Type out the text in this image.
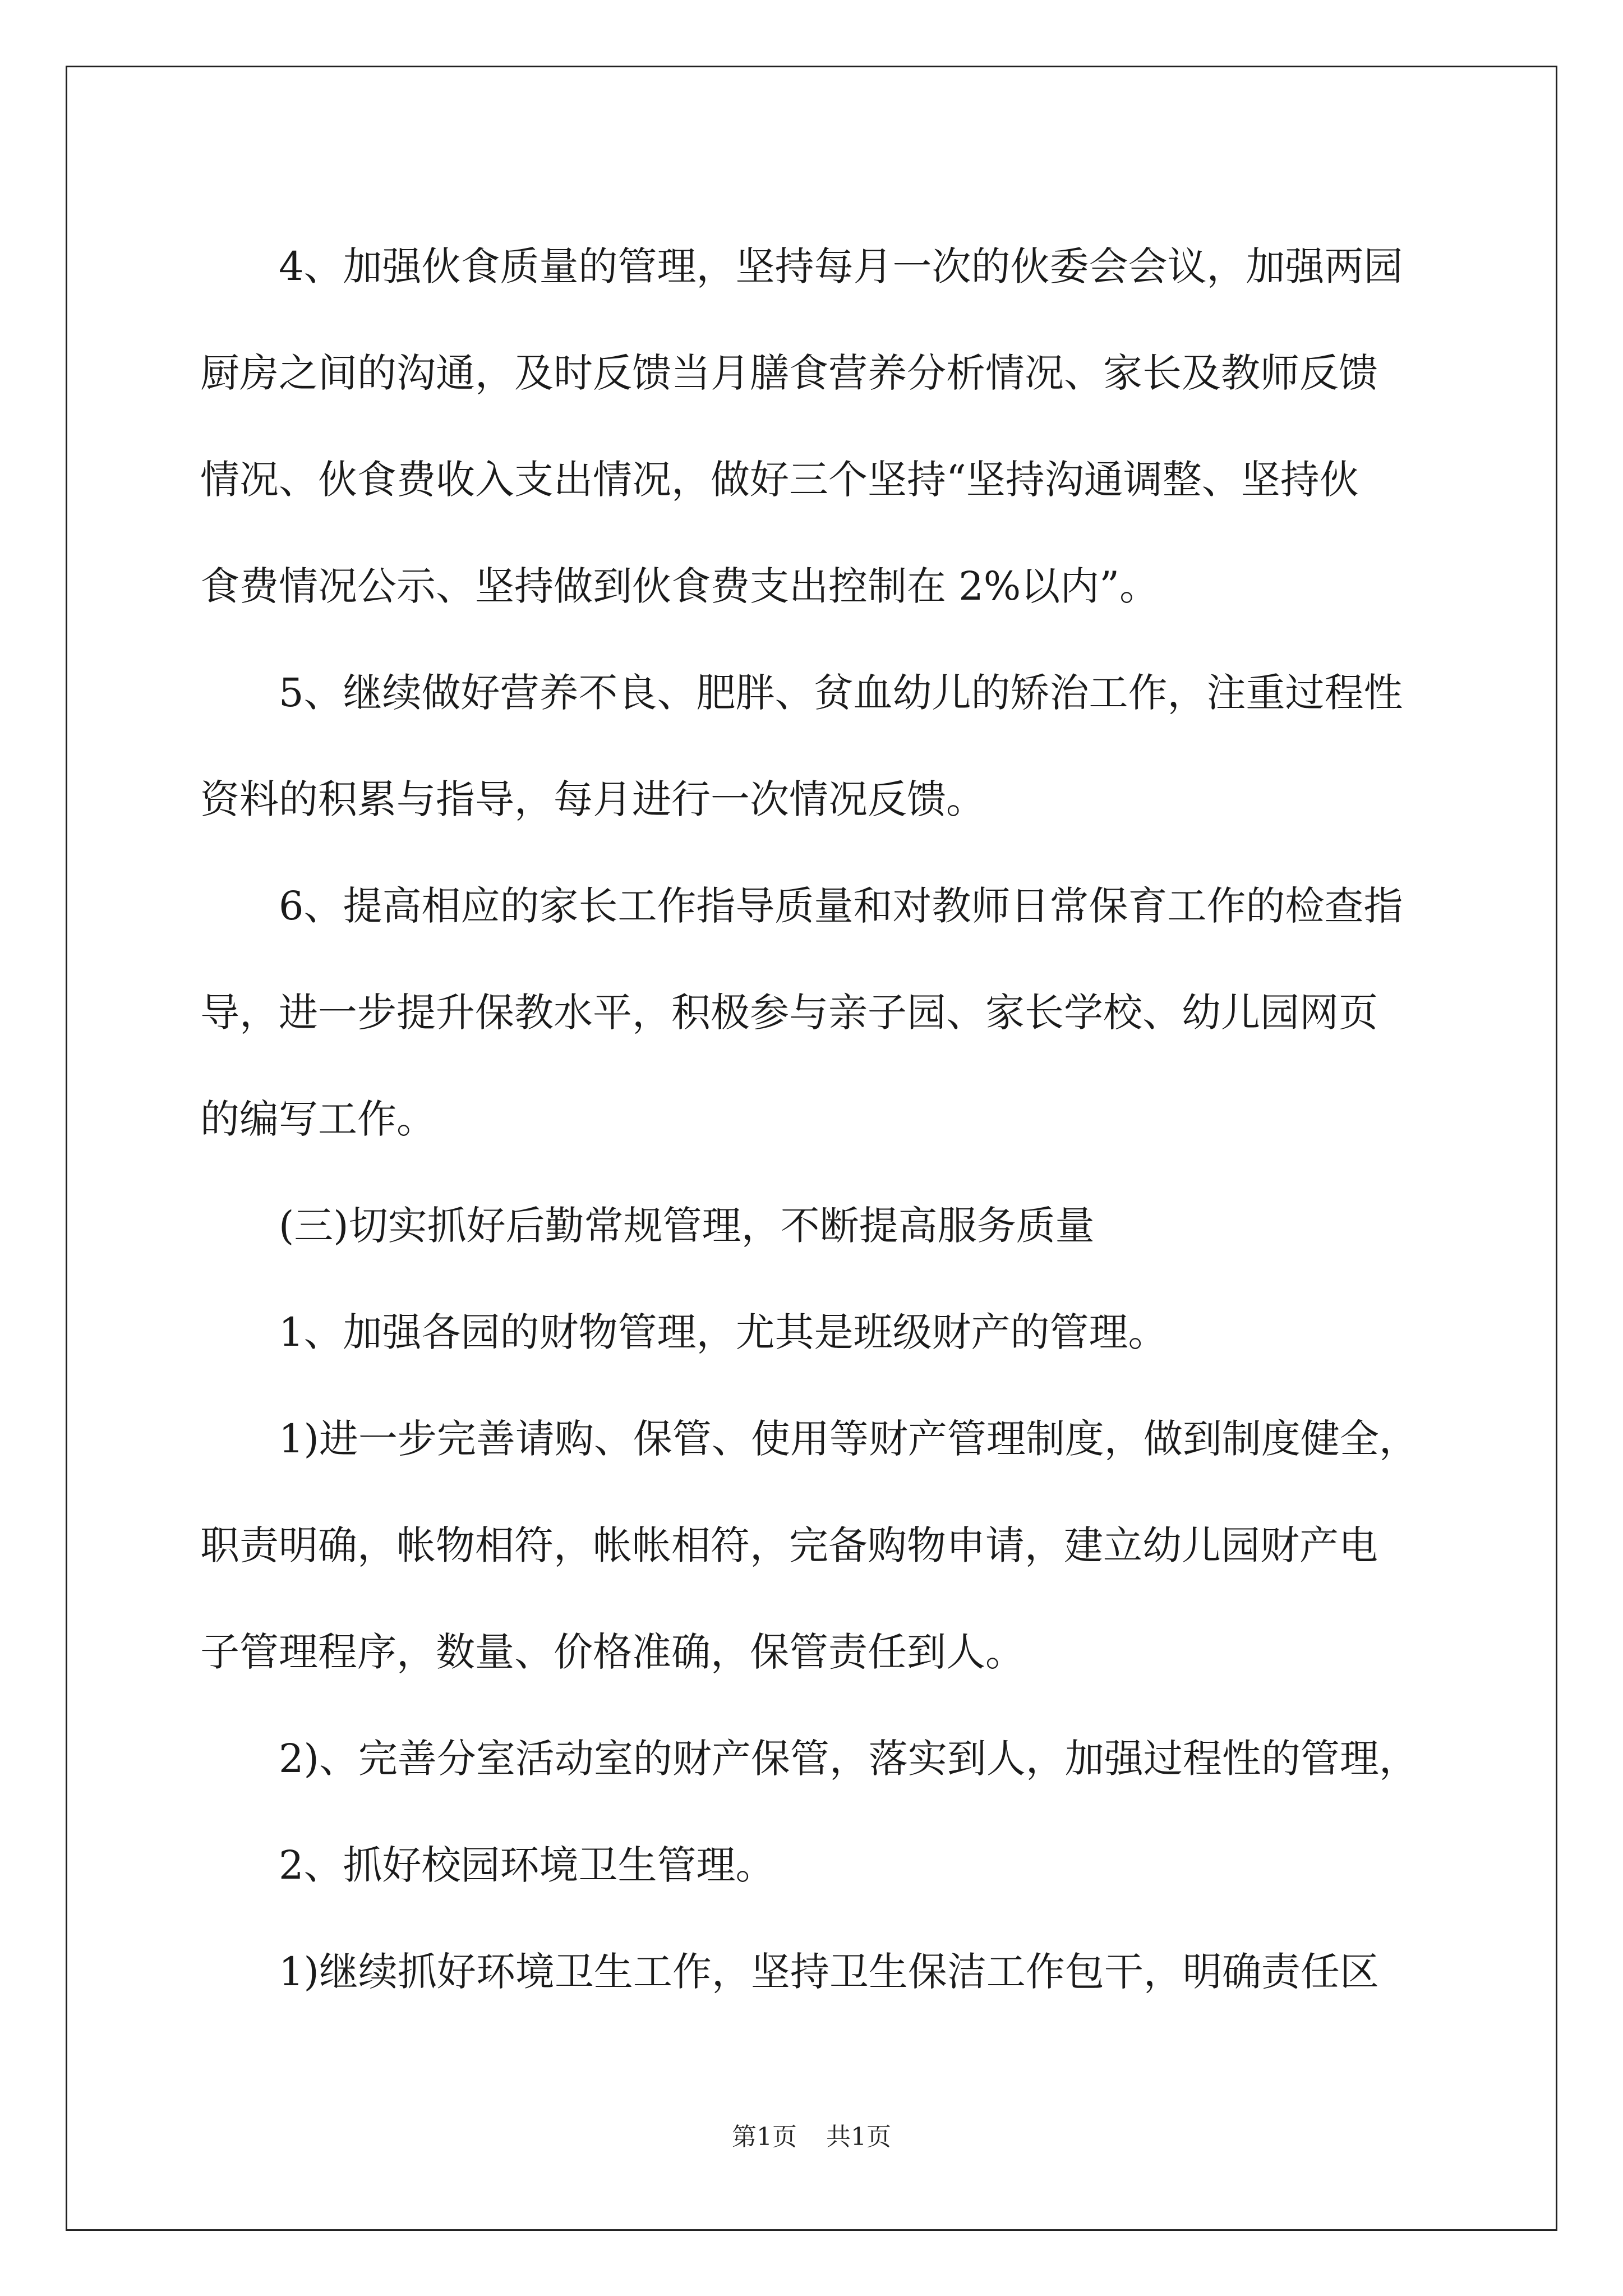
4、加强伙食质量的管理，坚持每月一次的伙委会会议，加强两园

厨房之间的沟通，及时反馈当月膳食营养分析情况、家长及教师反馈

情况、伙食费收入支出情况，做好三个坚持“坚持沟通调整、坚持伙

食费情况公示、坚持做到伙食费支出控制在 2%以内”。

5、继续做好营养不良、肥胖、贫血幼儿的矫治工作，注重过程性

资料的积累与指导，每月进行一次情况反馈。

6、提高相应的家长工作指导质量和对教师日常保育工作的检查指

导，进一步提升保教水平，积极参与亲子园、家长学校、幼儿园网页

的编写工作。

(三)切实抓好后勤常规管理，不断提高服务质量

1、加强各园的财物管理，尤其是班级财产的管理。

1)进一步完善请购、保管、使用等财产管理制度，做到制度健全，

职责明确，帐物相符，帐帐相符，完备购物申请，建立幼儿园财产电

子管理程序，数量、价格准确，保管责任到人。

2)、完善分室活动室的财产保管，落实到人，加强过程性的管理，

2、抓好校园环境卫生管理。

1)继续抓好环境卫生工作，坚持卫生保洁工作包干，明确责任区

第1页 共1页
